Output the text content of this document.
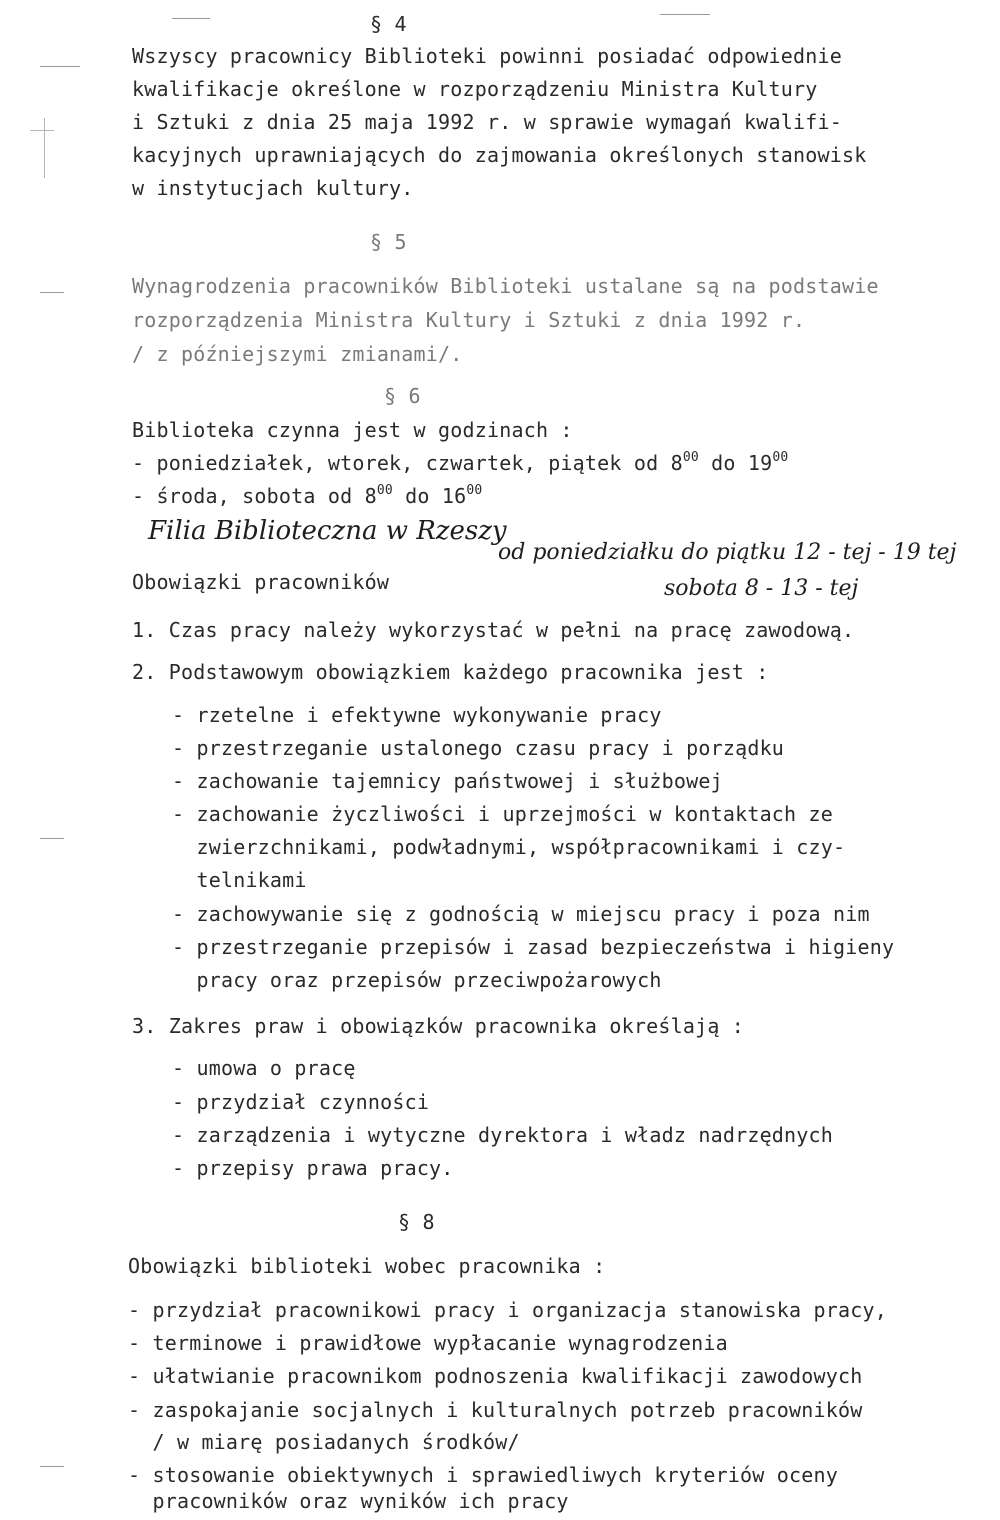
§ 4
Wszyscy pracownicy Biblioteki powinni posiadać odpowiednie
kwalifikacje określone w rozporządzeniu Ministra Kultury
i Sztuki z dnia 25 maja 1992 r. w sprawie wymagań kwalifi-
kacyjnych uprawniających do zajmowania określonych stanowisk
w instytucjach kultury.
§ 5
Wynagrodzenia pracowników Biblioteki ustalane są na podstawie
rozporządzenia Ministra Kultury i Sztuki z dnia 1992 r.
/ z późniejszymi zmianami/.
§ 6
Biblioteka czynna jest w godzinach :
- poniedziałek, wtorek, czwartek, piątek od $8^{00}$ do $19^{00}$
- środa, sobota od $8^{00}$ do $16^{00}$
Filia Biblioteczna w Rzeszy
od poniedziałku do piątku 12 - tej - 19 tej
sobota 8 - 13 - tej
Obowiązki pracowników
1. Czas pracy należy wykorzystać w pełni na pracę zawodową.
2. Podstawowym obowiązkiem każdego pracownika jest :
- rzetelne i efektywne wykonywanie pracy
- przestrzeganie ustalonego czasu pracy i porządku
- zachowanie tajemnicy państwowej i służbowej
- zachowanie życzliwości i uprzejmości w kontaktach ze
zwierzchnikami, podwładnymi, współpracownikami i czy-
telnikami
- zachowywanie się z godnością w miejscu pracy i poza nim
- przestrzeganie przepisów i zasad bezpieczeństwa i higieny
pracy oraz przepisów przeciwpożarowych
3. Zakres praw i obowiązków pracownika określają :
- umowa o pracę
- przydział czynności
- zarządzenia i wytyczne dyrektora i władz nadrzędnych
- przepisy prawa pracy.
§ 8
Obowiązki biblioteki wobec pracownika :
- przydział pracownikowi pracy i organizacja stanowiska pracy,
- terminowe i prawidłowe wypłacanie wynagrodzenia
- ułatwianie pracownikom podnoszenia kwalifikacji zawodowych
- zaspokajanie socjalnych i kulturalnych potrzeb pracowników
/ w miarę posiadanych środków/
- stosowanie obiektywnych i sprawiedliwych kryteriów oceny
pracowników oraz wyników ich pracy
